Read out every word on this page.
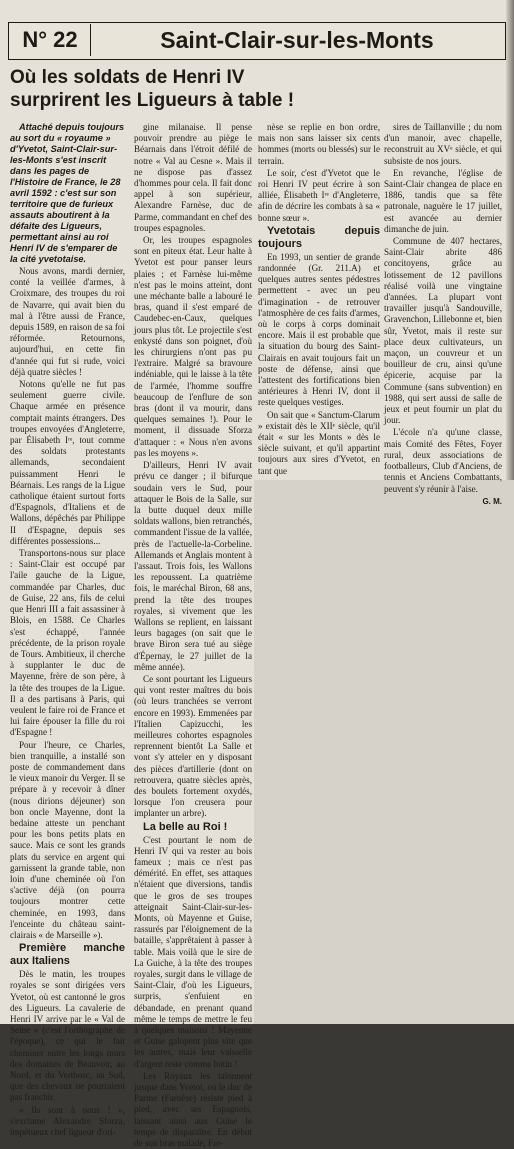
N° 22	Saint-Clair-sur-les-Monts
Où les soldats de Henri IV
surprirent les Ligueurs à table !

Attaché depuis toujours au sort du « royaume » d'Yvetot, Saint-Clair-sur-les-Monts s'est inscrit dans les pages de l'Histoire de France, le 28 avril 1592 : c'est sur son territoire que de furieux assauts aboutirent à la défaite des Ligueurs, permettant ainsi au roi Henri IV de s'emparer de la cité yvetotaise.

Nous avons, mardi dernier, conté la veillée d'armes, à Croixmare, des troupes du roi de Navarre, qui avait bien du mal à l'être aussi de France, depuis 1589, en raison de sa foi réformée. Retournons, aujourd'hui, en cette fin d'année qui fut si rude, voici déjà quatre siècles !

Notons qu'elle ne fut pas seulement guerre civile. Chaque armée en présence comptait maints étrangers. Des troupes envoyées d'Angleterre, par Élisabeth Iʳᵉ, tout comme des soldats protestants allemands, secondaient puissamment Henri le Béarnais. Les rangs de la Ligue catholique étaient surtout forts d'Espagnols, d'Italiens et de Wallons, dépêchés par Philippe II d'Espagne, depuis ses différentes possessions...

Transportons-nous sur place : Saint-Clair est occupé par l'aile gauche de la Ligue, commandée par Charles, duc de Guise, 22 ans, fils de celui que Henri III a fait assassiner à Blois, en 1588. Ce Charles s'est échappé, l'année précédente, de la prison royale de Tours. Ambitieux, il cherche à supplanter le duc de Mayenne, frère de son père, à la tête des troupes de la Ligue. Il a des partisans à Paris, qui veulent le faire roi de France et lui faire épouser la fille du roi d'Espagne !

Pour l'heure, ce Charles, bien tranquille, a installé son poste de commandement dans le vieux manoir du Verger. Il se prépare à y recevoir à dîner (nous dirions déjeuner) son bon oncle Mayenne, dont la bedaine atteste un penchant pour les bons petits plats en sauce. Mais ce sont les grands plats du service en argent qui garnissent la grande table, non loin d'une cheminée où l'on s'active déjà (on pourra toujours montrer cette cheminée, en 1993, dans l'enceinte du château saint-clairais « de Marseille »).

Première manche aux Italiens

Dès le matin, les troupes royales se sont dirigées vers Yvetot, où est cantonné le gros des Ligueurs. La cavalerie de Henri IV arrive par le « Val de Seine » (c'est l'orthographe de l'époque), ce qui le fait cheminer entre les longs murs des domaines de Beauvoir, au Nord, et du Vertbosc, au Sud, que des chevaux ne pourraient pas franchir.

« Ils sont à nous ! », s'exclame Alexandre Sforza, impétueux chef ligueur d'ori-

gine milanaise. Il pense pouvoir prendre au piège le Béarnais dans l'étroit défilé de notre « Val au Cesne ». Mais il ne dispose pas d'assez d'hommes pour cela. Il fait donc appel à son supérieur, Alexandre Farnèse, duc de Parme, commandant en chef des troupes espagnoles.

Or, les troupes espagnoles sont en piteux état. Leur halte à Yvetot est pour panser leurs plaies ; et Farnèse lui-même n'est pas le moins atteint, dont une méchante balle a labouré le bras, quand il s'est emparé de Caudebec-en-Caux, quelques jours plus tôt. Le projectile s'est enkysté dans son poignet, d'où les chirurgiens n'ont pas pu l'extraire. Malgré sa bravoure indéniable, qui le laisse à la tête de l'armée, l'homme souffre beaucoup de l'enflure de son bras (dont il va mourir, dans quelques semaines !). Pour le moment, il dissuade Sforza d'attaquer : « Nous n'en avons pas les moyens ».

D'ailleurs, Henri IV avait prévu ce danger ; il bifurque soudain vers le Sud, pour attaquer le Bois de la Salle, sur la butte duquel deux mille soldats wallons, bien retranchés, commandent l'issue de la vallée, près de l'actuelle-la-Corbeline. Allemands et Anglais montent à l'assaut. Trois fois, les Wallons les repoussent. La quatrième fois, le maréchal Biron, 68 ans, prend la tête des troupes royales, si vivement que les Wallons se replient, en laissant leurs bagages (on sait que le brave Biron sera tué au siège d'Épernay, le 27 juillet de la même année).

Ce sont pourtant les Ligueurs qui vont rester maîtres du bois (où leurs tranchées se verront encore en 1993). Emmenées par l'Italien Capizucchi, les meilleures cohortes espagnoles reprennent bientôt La Salle et vont s'y atteler en y disposant des pièces d'artillerie (dont on retrouvera, quatre siècles après, des boulets fortement oxydés, lorsque l'on creusera pour implanter un arbre).

La belle au Roi !

C'est pourtant le nom de Henri IV qui va rester au bois fameux ; mais ce n'est pas démérité. En effet, ses attaques n'étaient que diversions, tandis que le gros de ses troupes atteignait Saint-Clair-sur-les-Monts, où Mayenne et Guise, rassurés par l'éloignement de la bataille, s'apprêtaient à passer à table. Mais voilà que le sire de La Guiche, à la tête des troupes royales, surgit dans le village de Saint-Clair, d'où les Ligueurs, surpris, s'enfuient en débandade, en prenant quand même le temps de mettre le feu à quelques maisons ! Mayenne et Guise galopent plus vite que les autres, mais leur vaisselle d'argent reste comme butin !

Les Royaux les talonnent jusque dans Yvetot, où le duc de Parme (Farnèse) résiste pied à pied, avec ses Espagnols, laissant ainsi aux Guise le temps de disparaître. En début de son bras malade, Far-

nèse se replie en bon ordre, mais non sans laisser six cents hommes (morts ou blessés) sur le terrain.

Le soir, c'est d'Yvetot que le roi Henri IV peut écrire à son alliée, Élisabeth Iʳᵉ d'Angleterre, afin de décrire les combats à sa « bonne sœur ».

Yvetotais depuis toujours

En 1993, un sentier de grande randonnée (Gr. 211.A) et quelques autres sentes pédestres permettent - avec un peu d'imagination - de retrouver l'atmosphère de ces faits d'armes, où le corps à corps dominait encore. Mais il est probable que la situation du bourg des Saint-Clairais en avait toujours fait un poste de défense, ainsi que l'attestent des fortifications bien antérieures à Henri IV, dont il reste quelques vestiges.

On sait que « Sanctum-Clarum » existait dès le XIIᵉ siècle, qu'il était « sur les Monts » dès le siècle suivant, et qu'il appartint toujours aux sires d'Yvetot, en tant que

sires de Taillanville ; du nom d'un manoir, avec chapelle, reconstruit au XVᵉ siècle, et qui subsiste de nos jours.

En revanche, l'église de Saint-Clair changea de place en 1886, tandis que sa fête patronale, naguère le 17 juillet, est avancée au dernier dimanche de juin.

Commune de 407 hectares, Saint-Clair abrite 486 concitoyens, grâce au lotissement de 12 pavillons réalisé voilà une vingtaine d'années. La plupart vont travailler jusqu'à Sandouville, Gravenchon, Lillebonne et, bien sûr, Yvetot, mais il reste sur place deux cultivateurs, un maçon, un couvreur et un bouilleur de cru, ainsi qu'une épicerie, acquise par la Commune (sans subvention) en 1988, qui sert aussi de salle de jeux et peut fournir un plat du jour.

L'école n'a qu'une classe, mais Comité des Fêtes, Foyer rural, deux associations de footballeurs, Club d'Anciens, de tennis et Anciens Combattants, peuvent s'y réunir à l'aise.

G. M.
